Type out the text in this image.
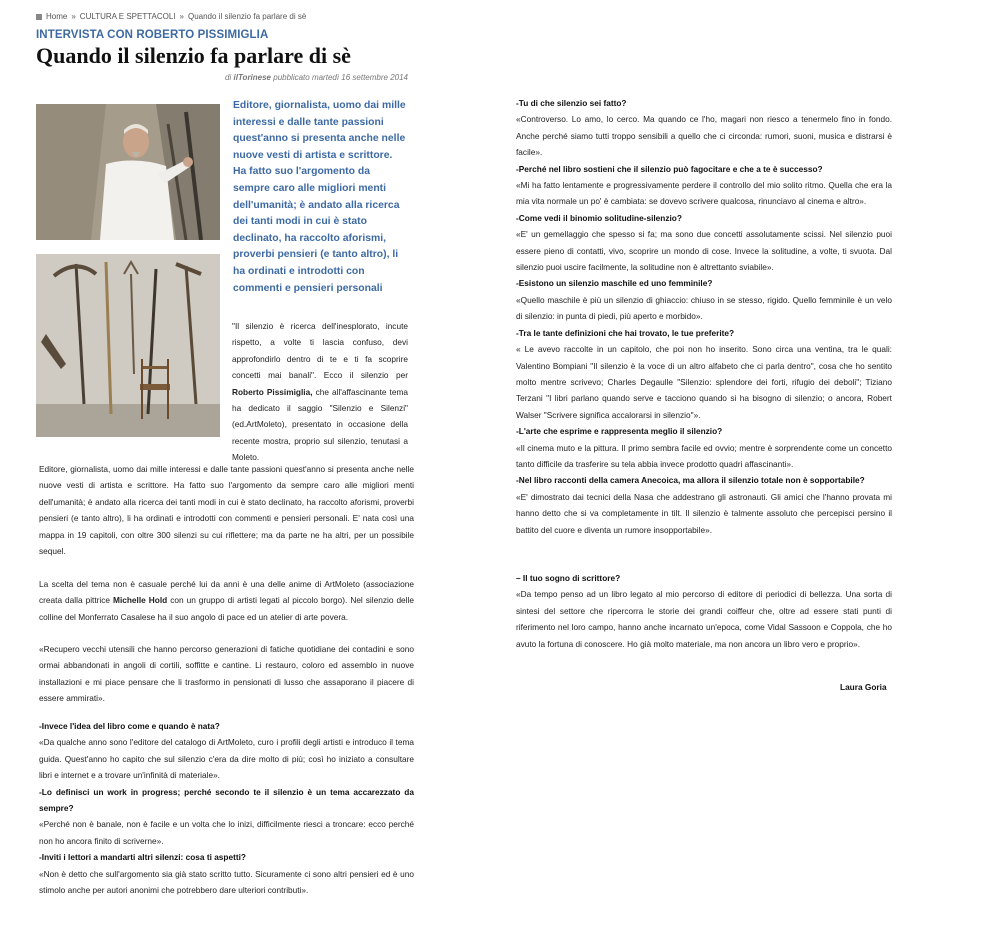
Home » CULTURA E SPETTACOLI » Quando il silenzio fa parlare di sè
INTERVISTA CON ROBERTO PISSIMIGLIA
Quando il silenzio fa parlare di sè
di ilTorinese pubblicato martedì 16 settembre 2014
Editore, giornalista, uomo dai mille interessi e dalle tante passioni quest'anno si presenta anche nelle nuove vesti di artista e scrittore. Ha fatto suo l'argomento da sempre caro alle migliori menti dell'umanità; è andato alla ricerca dei tanti modi in cui è stato declinato, ha raccolto aforismi, proverbi pensieri (e tanto altro), li ha ordinati e introdotti con commenti e pensieri personali

"Il silenzio è ricerca dell'inesplorato, incute rispetto, a volte ti lascia confuso, devi approfondirlo dentro di te e ti fa scoprire concetti mai banali". Ecco il silenzio per Roberto Pissimiglia, che all'affascinante tema ha dedicato il saggio "Silenzio e Silenzi" (ed.ArtMoleto), presentato in occasione della recente mostra, proprio sul silenzio, tenutasi a Moleto.

Editore, giornalista, uomo dai mille interessi e dalle tante passioni quest'anno si presenta anche nelle nuove vesti di artista e scrittore. Ha fatto suo l'argomento da sempre caro alle migliori menti dell'umanità; è andato alla ricerca dei tanti modi in cui è stato declinato, ha raccolto aforismi, proverbi pensieri (e tanto altro), li ha ordinati e introdotti con commenti e pensieri personali. E' nata così una mappa in 19 capitoli, con oltre 300 silenzi su cui riflettere; ma da parte ne ha altri, per un possibile sequel.

La scelta del tema non è casuale perché lui da anni è una delle anime di ArtMoleto (associazione creata dalla pittrice Michelle Hold con un gruppo di artisti legati al piccolo borgo). Nel silenzio delle colline del Monferrato Casalese ha il suo angolo di pace ed un atelier di arte povera.

«Recupero vecchi utensili che hanno percorso generazioni di fatiche quotidiane dei contadini e sono ormai abbandonati in angoli di cortili, soffitte e cantine. Li restauro, coloro ed assemblo in nuove installazioni e mi piace pensare che li trasformo in pensionati di lusso che assaporano il piacere di essere ammirati».

-Invece l'idea del libro come e quando è nata?
«Da qualche anno sono l'editore del catalogo di ArtMoleto, curo i profili degli artisti e introduco il tema guida. Quest'anno ho capito che sul silenzio c'era da dire molto di più; così ho iniziato a consultare libri e internet e a trovare un'infinità di materiale».
-Lo definisci un work in progress; perché secondo te il silenzio è un tema accarezzato da sempre?
«Perché non è banale, non è facile e un volta che lo inizi, difficilmente riesci a troncare: ecco perché non ho ancora finito di scriverne».
-Inviti i lettori a mandarti altri silenzi: cosa ti aspetti?
«Non è detto che sull'argomento sia già stato scritto tutto. Sicuramente ci sono altri pensieri ed è uno stimolo anche per autori anonimi che potrebbero dare ulteriori contributi».
-Tu di che silenzio sei fatto?
«Controverso. Lo amo, lo cerco. Ma quando ce l'ho, magari non riesco a tenermelo fino in fondo. Anche perché siamo tutti troppo sensibili a quello che ci circonda: rumori, suoni, musica e distrarsi è facile».
-Perché nel libro sostieni che il silenzio può fagocitare e che a te è successo?
«Mi ha fatto lentamente e progressivamente perdere il controllo del mio solito ritmo. Quella che era la mia vita normale un po' è cambiata: se dovevo scrivere qualcosa, rinunciavo al cinema e altro».
-Come vedi il binomio solitudine-silenzio?
«E' un gemellaggio che spesso si fa; ma sono due concetti assolutamente scissi. Nel silenzio puoi essere pieno di contatti, vivo, scoprire un mondo di cose. Invece la solitudine, a volte, ti svuota. Dal silenzio puoi uscire facilmente, la solitudine non è altrettanto sviabile».
-Esistono un silenzio maschile ed uno femminile?
«Quello maschile è più un silenzio di ghiaccio: chiuso in se stesso, rigido. Quello femminile è un velo di silenzio: in punta di piedi, più aperto e morbido».
-Tra le tante definizioni che hai trovato, le tue preferite?
« Le avevo raccolte in un capitolo, che poi non ho inserito. Sono circa una ventina, tra le quali: Valentino Bompiani "Il silenzio è la voce di un altro alfabeto che ci parla dentro", cosa che ho sentito molto mentre scrivevo; Charles Degaulle "Silenzio: splendore dei forti, rifugio dei deboli"; Tiziano Terzani "I libri parlano quando serve e tacciono quando si ha bisogno di silenzio; o ancora, Robert Walser "Scrivere significa accalorarsi in silenzio"».
-L'arte che esprime e rappresenta meglio il silenzio?
«Il cinema muto e la pittura. Il primo sembra facile ed ovvio; mentre è sorprendente come un concetto tanto difficile da trasferire su tela abbia invece prodotto quadri affascinanti».
-Nel libro racconti della camera Anecoica, ma allora il silenzio totale non è sopportabile?
«E' dimostrato dai tecnici della Nasa che addestrano gli astronauti. Gli amici che l'hanno provata mi hanno detto che si va completamente in tilt. Il silenzio è talmente assoluto che percepisci persino il battito del cuore e diventa un rumore insopportabile».
– Il tuo sogno di scrittore?
«Da tempo penso ad un libro legato al mio percorso di editore di periodici di bellezza. Una sorta di sintesi del settore che ripercorra le storie dei grandi coiffeur che, oltre ad essere stati punti di riferimento nel loro campo, hanno anche incarnato un'epoca, come Vidal Sassoon e Coppola, che ho avuto la fortuna di conoscere. Ho già molto materiale, ma non ancora un libro vero e proprio».
Laura Goria
